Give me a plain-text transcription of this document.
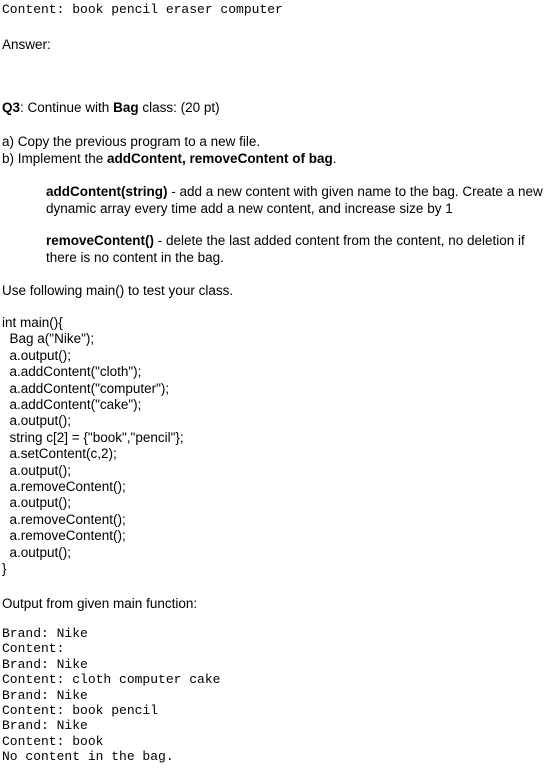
Content: book pencil eraser computer
Answer:
Q3: Continue with Bag class: (20 pt)
a) Copy the previous program to a new file.
b) Implement the addContent, removeContent of bag.
addContent(string) - add a new content with given name to the bag. Create a new dynamic array every time add a new content, and increase size by 1
removeContent() - delete the last added content from the content, no deletion if there is no content in the bag.
Use following main() to test your class.
int main(){
Bag a("Nike");
a.output();
a.addContent("cloth");
a.addContent("computer");
a.addContent("cake");
a.output();
string c[2] = {"book","pencil"};
a.setContent(c,2);
a.output();
a.removeContent();
a.output();
a.removeContent();
a.removeContent();
a.output();
}
Output from given main function:
Brand: Nike
Content:
Brand: Nike
Content: cloth computer cake
Brand: Nike
Content: book pencil
Brand: Nike
Content: book
No content in the bag.
